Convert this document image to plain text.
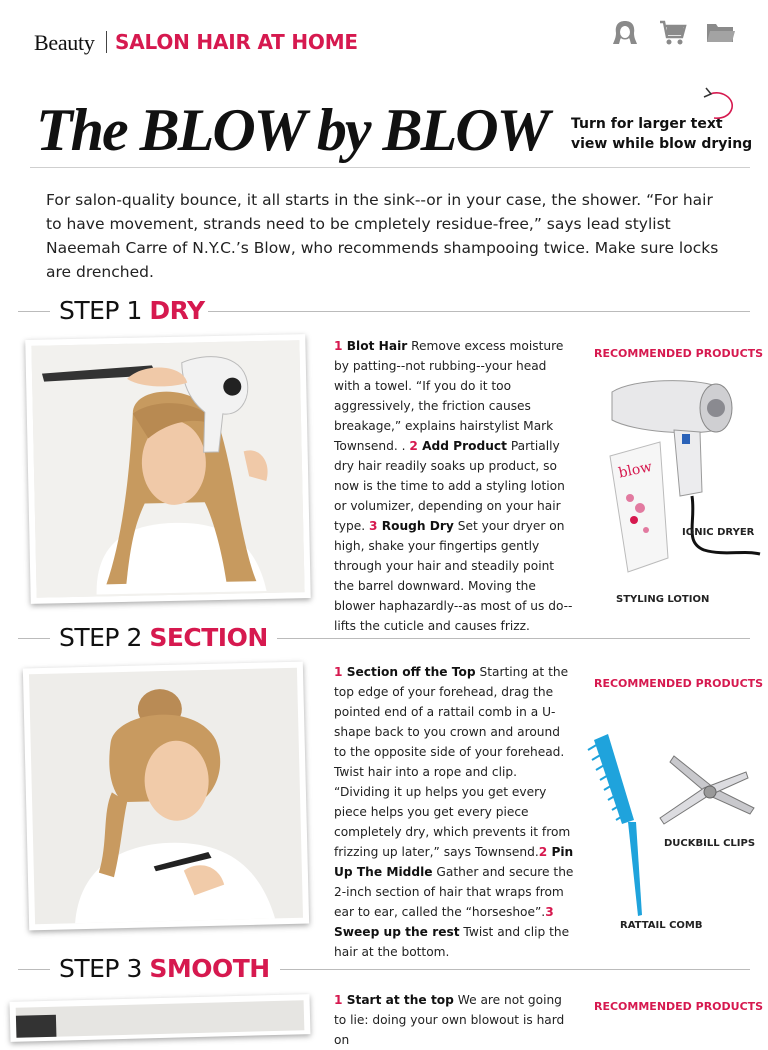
Beauty SALON HAIR AT HOME
The BLOW by BLOW Turn for larger text
view while blow drying

For salon-quality bounce, it all starts in the sink--or in your case, the shower. “For hair to have movement, strands need to be cmpletely residue-free,” says lead stylist Naeemah Carre of N.Y.C.’s Blow, who recommends shampooing twice. Make sure locks are drenched.

STEP 1 DRY
1 Blot Hair Remove excess moisture by patting--not rubbing--your head with a towel. “If you do it too aggressively, the friction causes breakage,” explains hairstylist Mark Townsend. . 2 Add Product Partially dry hair readily soaks up product, so now is the time to add a styling lotion or volumizer, depending on your hair type. 3 Rough Dry Set your dryer on high, shake your fingertips gently through your hair and steadily point the barrel downward. Moving the blower haphazardly--as most of us do--lifts the cuticle and causes frizz.
RECOMMENDED PRODUCTS
blow
IONIC DRYER
STYLING LOTION
STEP 2 SECTION
1 Section off the Top Starting at the top edge of your forehead, drag the pointed end of a rattail comb in a U-shape back to you crown and around to the opposite side of your forehead. Twist hair into a rope and clip. “Dividing it up helps you get every piece helps you get every piece completely dry, which prevents it from frizzing up later,” says Townsend.2 Pin Up The Middle Gather and secure the 2-inch section of hair that wraps from ear to ear, called the “horseshoe”.3 Sweep up the rest Twist and clip the hair at the bottom.
RECOMMENDED PRODUCTS
DUCKBILL CLIPS
RATTAIL COMB
STEP 3 SMOOTH
1 Start at the top We are not going to lie: doing your own blowout is hard on
RECOMMENDED PRODUCTS
